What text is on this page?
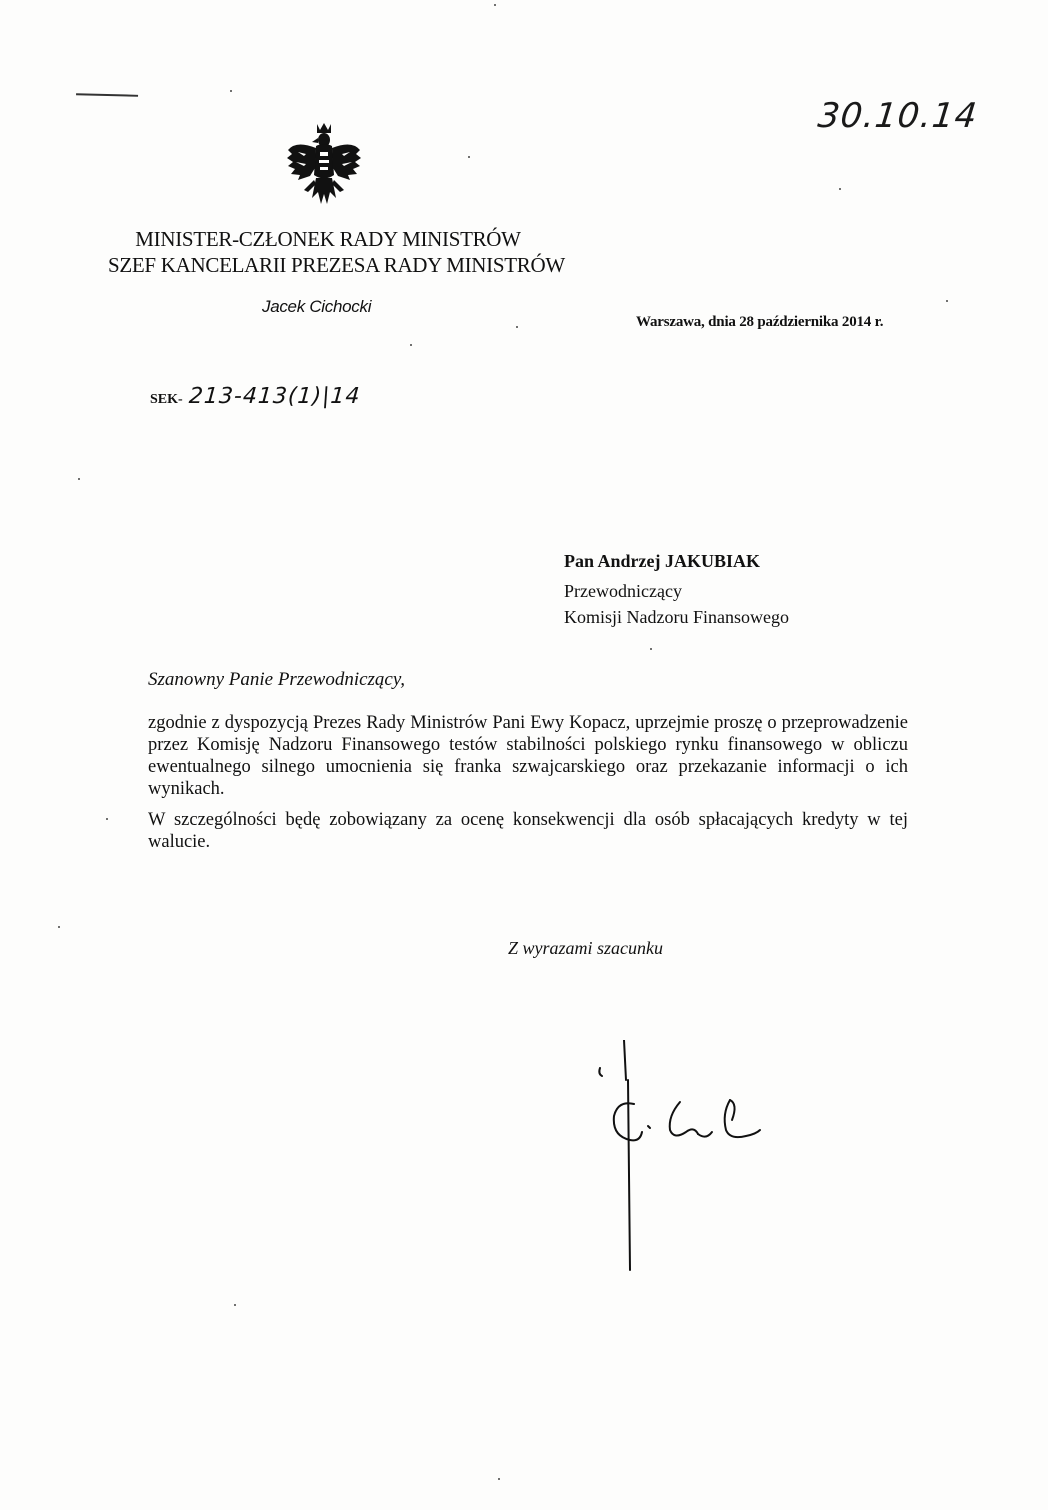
30.10.14
MINISTER-CZŁONEK RADY MINISTRÓW
SZEF KANCELARII PREZESA RADY MINISTRÓW
Jacek Cichocki
Warszawa, dnia 28 października 2014 r.
SEK- 213-413(1)|14
Pan Andrzej JAKUBIAK
Przewodniczący
Komisji Nadzoru Finansowego
Szanowny Panie Przewodniczący,

zgodnie z dyspozycją Prezes Rady Ministrów Pani Ewy Kopacz, uprzejmie proszę o przeprowadzenie przez Komisję Nadzoru Finansowego testów stabilności polskiego rynku finansowego w obliczu ewentualnego silnego umocnienia się franka szwajcarskiego oraz przekazanie informacji o ich wynikach.

W szczególności będę zobowiązany za ocenę konsekwencji dla osób spłacających kredyty w tej walucie.

Z wyrazami szacunku
